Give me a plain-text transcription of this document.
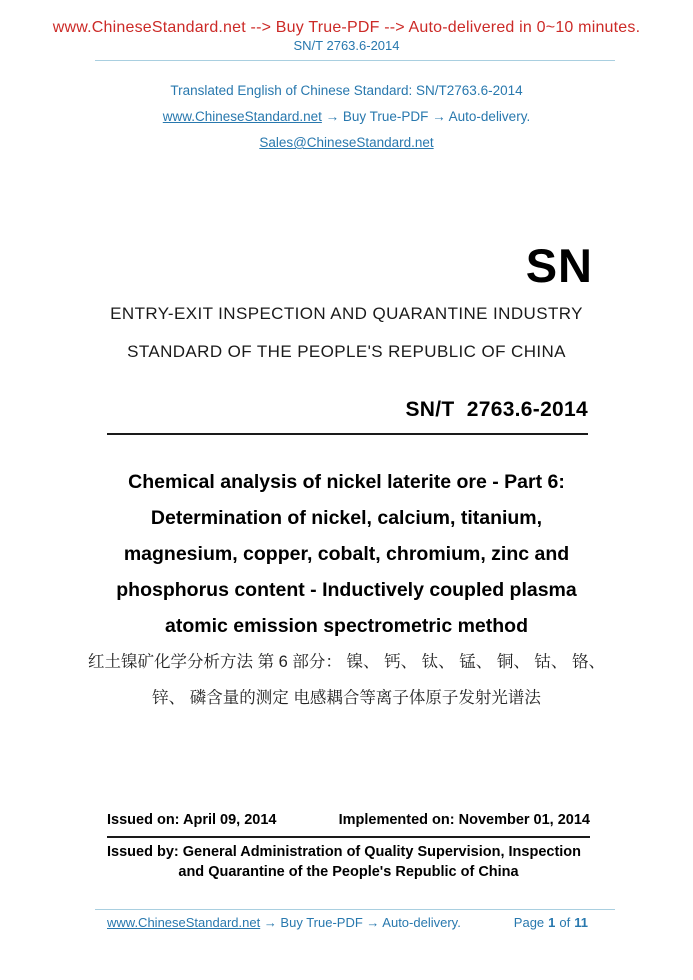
www.ChineseStandard.net --> Buy True-PDF --> Auto-delivered in 0~10 minutes.
SN/T 2763.6-2014
Translated English of Chinese Standard: SN/T2763.6-2014
www.ChineseStandard.net → Buy True-PDF → Auto-delivery.
Sales@ChineseStandard.net
SN
ENTRY-EXIT INSPECTION AND QUARANTINE INDUSTRY
STANDARD OF THE PEOPLE'S REPUBLIC OF CHINA
SN/T  2763.6-2014
Chemical analysis of nickel laterite ore - Part 6:
Determination of nickel, calcium, titanium,
magnesium, copper, cobalt, chromium, zinc and
phosphorus content - Inductively coupled plasma
atomic emission spectrometric method
红土镍矿化学分析方法 第 6 部分： 镍、 钙、 钛、 锰、 铜、 钴、 铬、
锌、 磷含量的测定 电感耦合等离子体原子发射光谱法
Issued on: April 09, 2014	Implemented on: November 01, 2014
Issued by: General Administration of Quality Supervision, Inspection
and Quarantine of the People's Republic of China
www.ChineseStandard.net → Buy True-PDF → Auto-delivery.	Page 1 of 11
